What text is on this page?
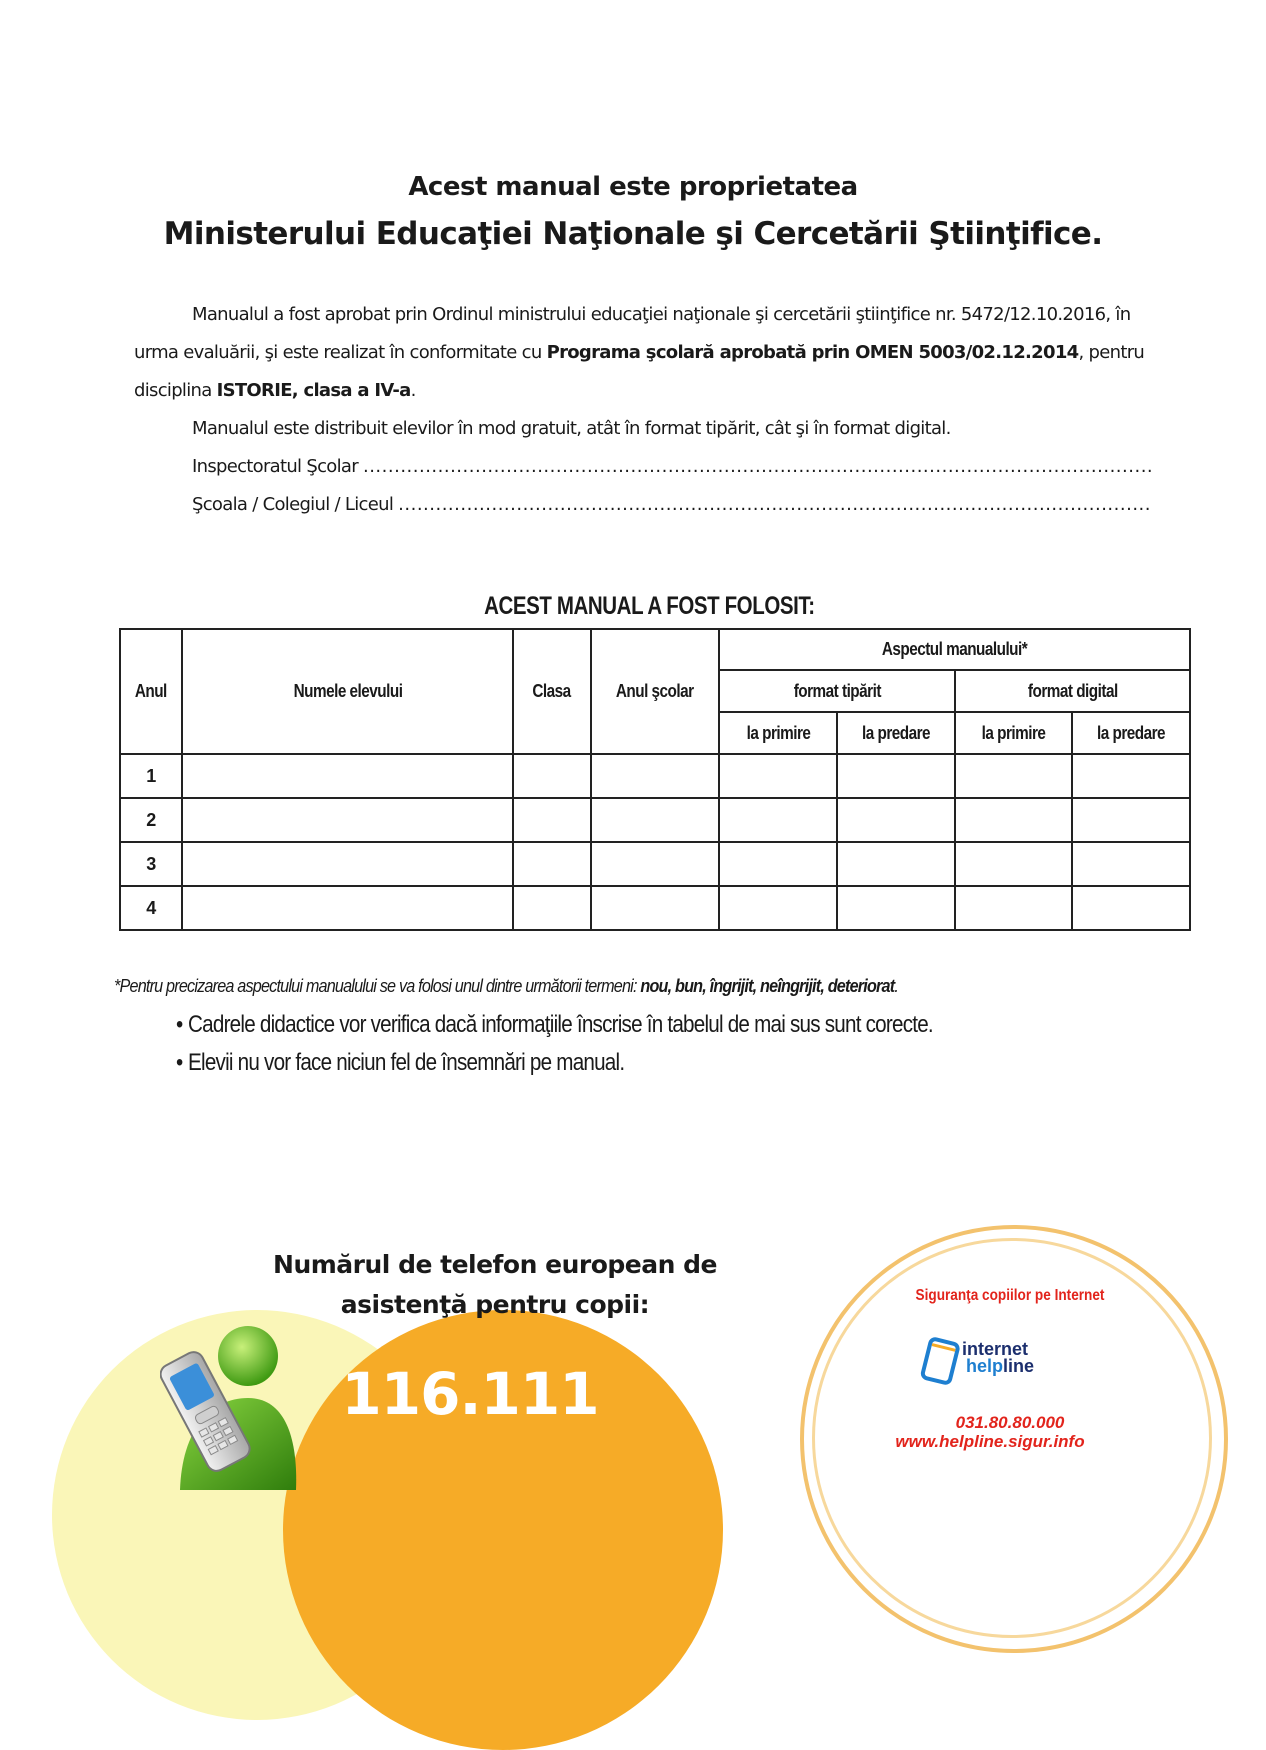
Acest manual este proprietatea
Ministerului Educaţiei Naţionale şi Cercetării Ştiinţifice.

Manualul a fost aprobat prin Ordinul ministrului educaţiei naţionale şi cercetării ştiinţifice nr. 5472/12.10.2016, în urma evaluării, şi este realizat în conformitate cu Programa şcolară aprobată prin OMEN 5003/02.12.2014, pentru disciplina ISTORIE, clasa a IV-a.

Manualul este distribuit elevilor în mod gratuit, atât în format tipărit, cât şi în format digital.

Inspectoratul Şcolar ...............................................................................................................................

Şcoala / Colegiul / Liceul .........................................................................................................................

ACEST MANUAL A FOST FOLOSIT:
Anul	Numele elevului	Clasa	Anul şcolar	Aspectul manualului*			
				format tipărit		format digital	
				la primire	la predare	la primire	la predare
1							
2							
3							
4							
*Pentru precizarea aspectului manualului se va folosi unul dintre următorii termeni: nou, bun, îngrijit, neîngrijit, deteriorat.
• Cadrele didactice vor verifica dacă informaţiile înscrise în tabelul de mai sus sunt corecte.
• Elevii nu vor face niciun fel de însemnări pe manual.
Numărul de telefon european de
asistenţă pentru copii:
116.111
Siguranţa copiilor pe Internet
internet
helpline
031.80.80.000
www.helpline.sigur.info
